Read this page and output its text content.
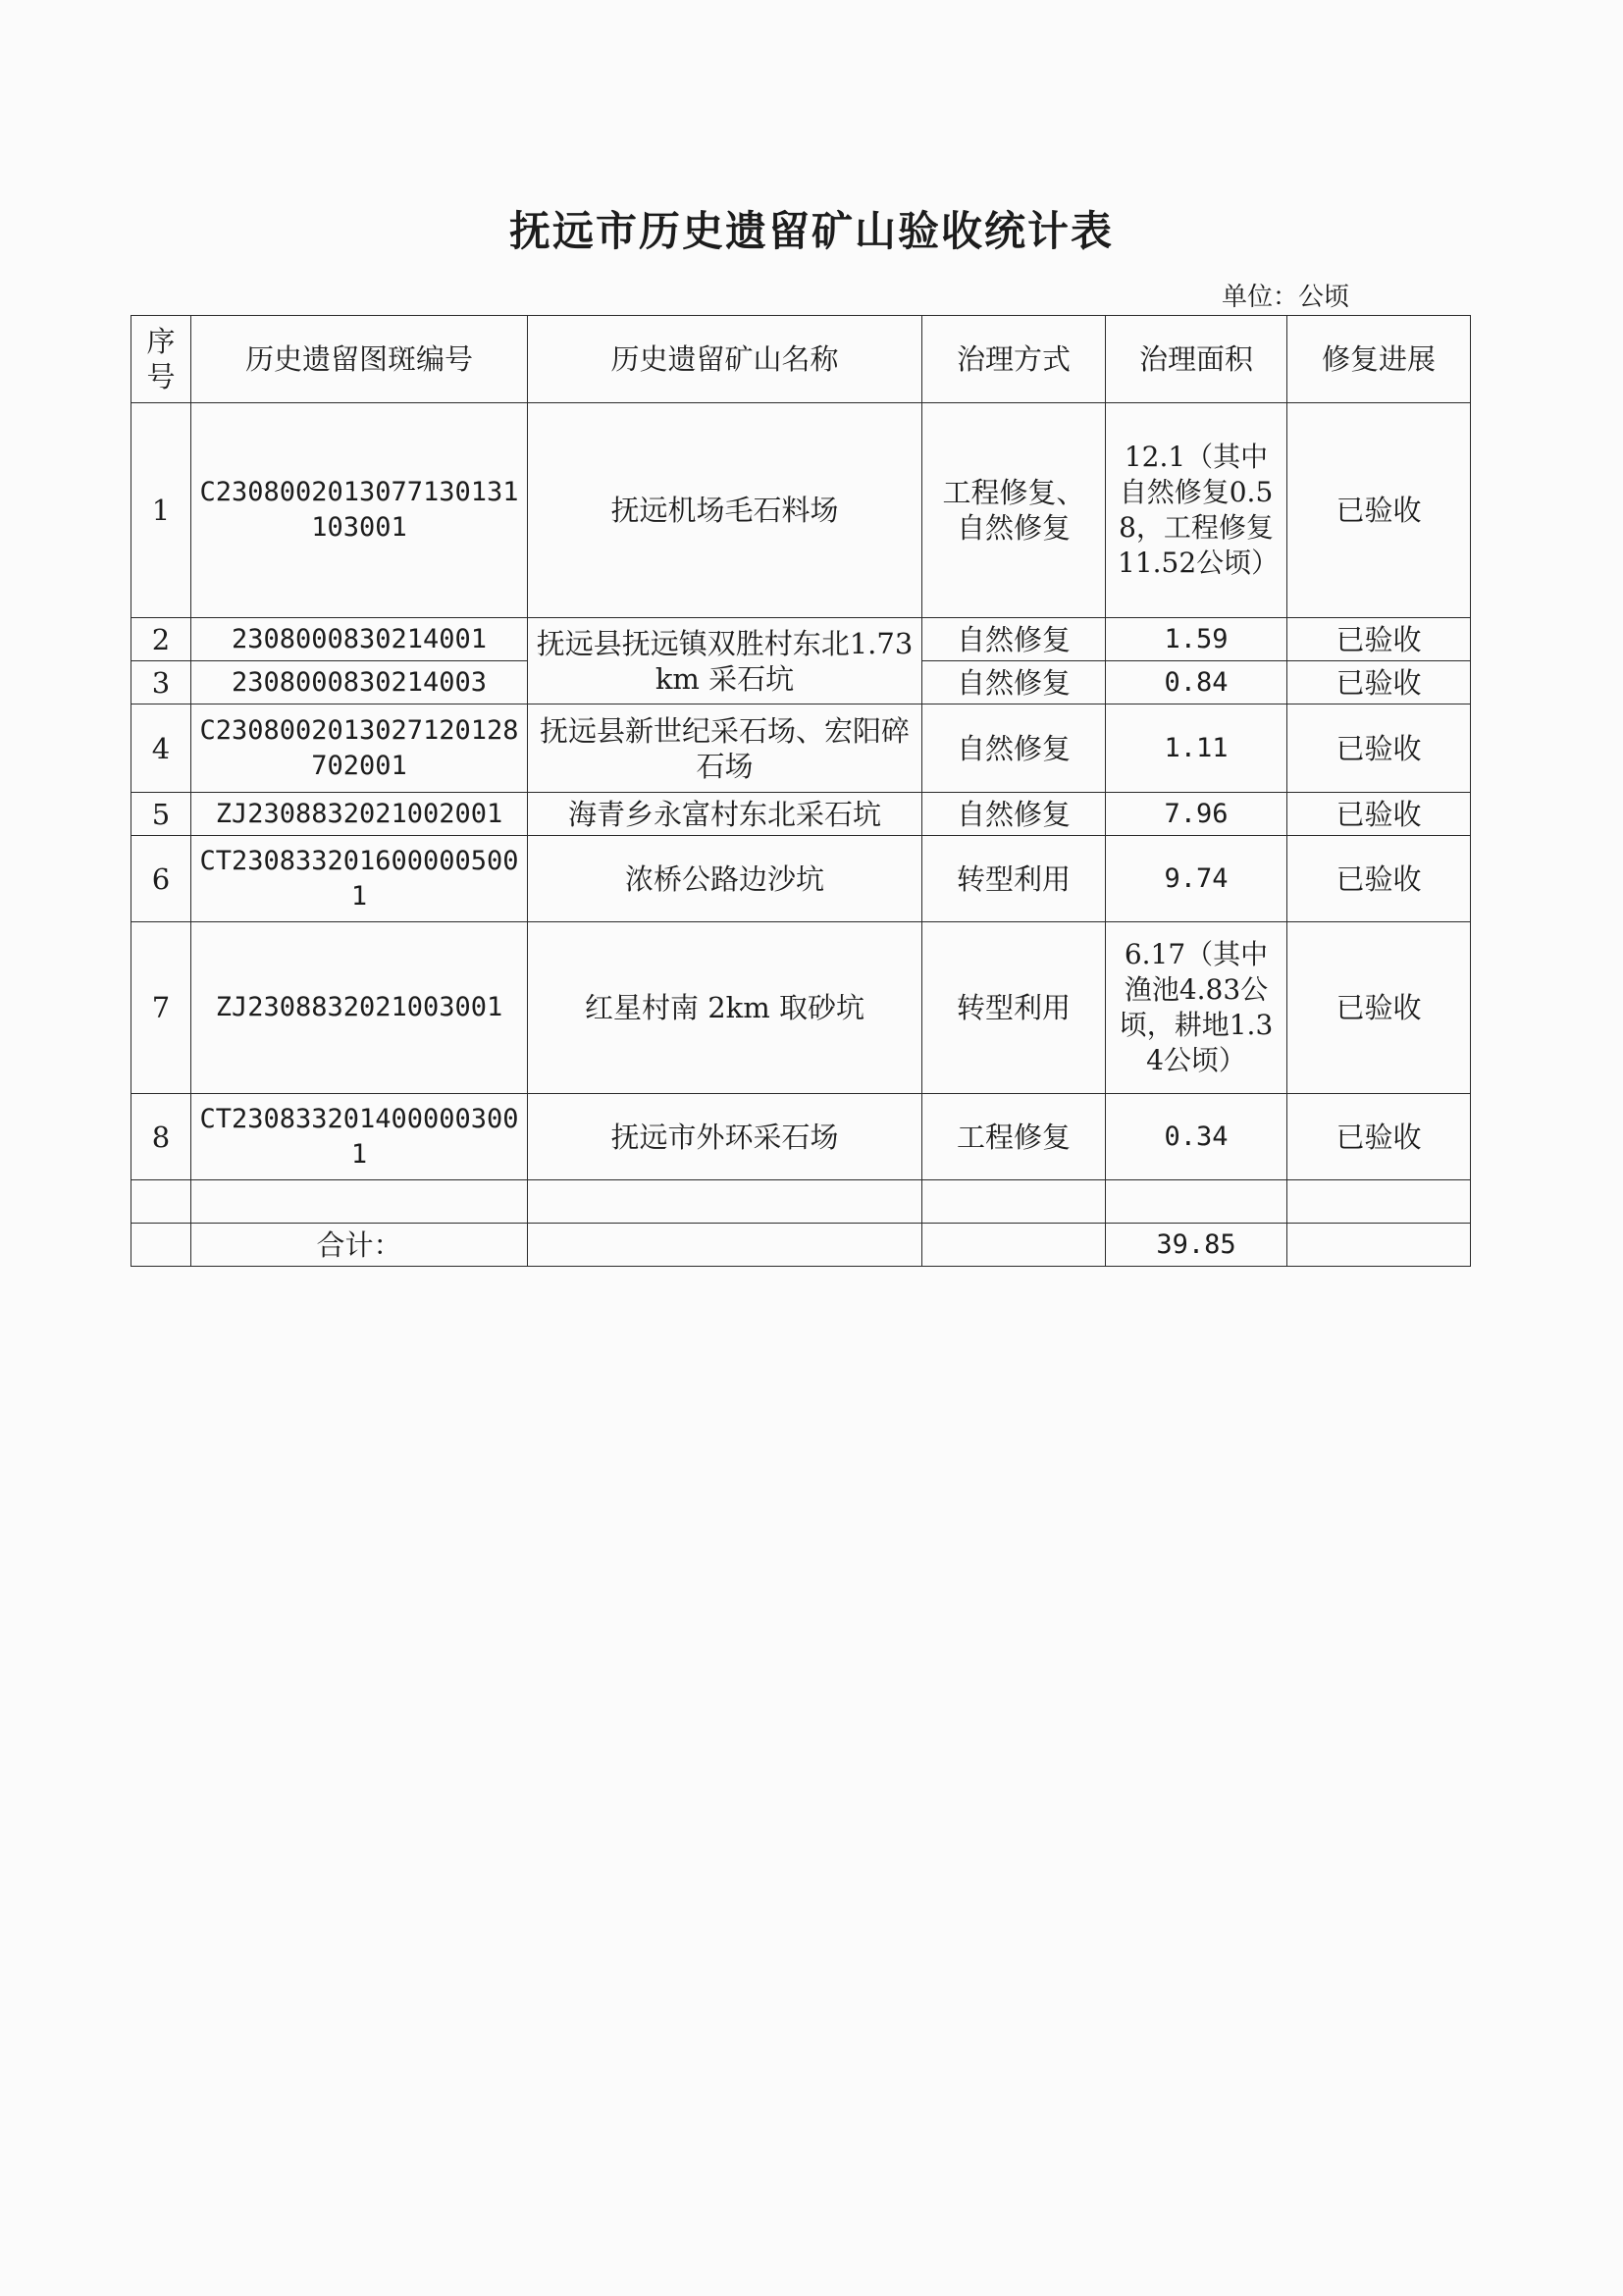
抚远市历史遗留矿山验收统计表
单位：公顷
序号	历史遗留图斑编号	历史遗留矿山名称	治理方式	治理面积	修复进展
1	C2308002013077130131103001	抚远机场毛石料场	工程修复、自然修复	12.1（其中自然修复0.58，工程修复11.52公顷）	已验收
2	2308000830214001	抚远县抚远镇双胜村东北1.73km 采石坑	自然修复	1.59	已验收
3	2308000830214003		自然修复	0.84	已验收
4	C2308002013027120128702001	抚远县新世纪采石场、宏阳碎石场	自然修复	1.11	已验收
5	ZJ2308832021002001	海青乡永富村东北采石坑	自然修复	7.96	已验收
6	CT2308332016000005001	浓桥公路边沙坑	转型利用	9.74	已验收
7	ZJ2308832021003001	红星村南 2km 取砂坑	转型利用	6.17（其中渔池4.83公顷，耕地1.34公顷）	已验收
8	CT2308332014000003001	抚远市外环采石场	工程修复	0.34	已验收

	合计：			39.85	
